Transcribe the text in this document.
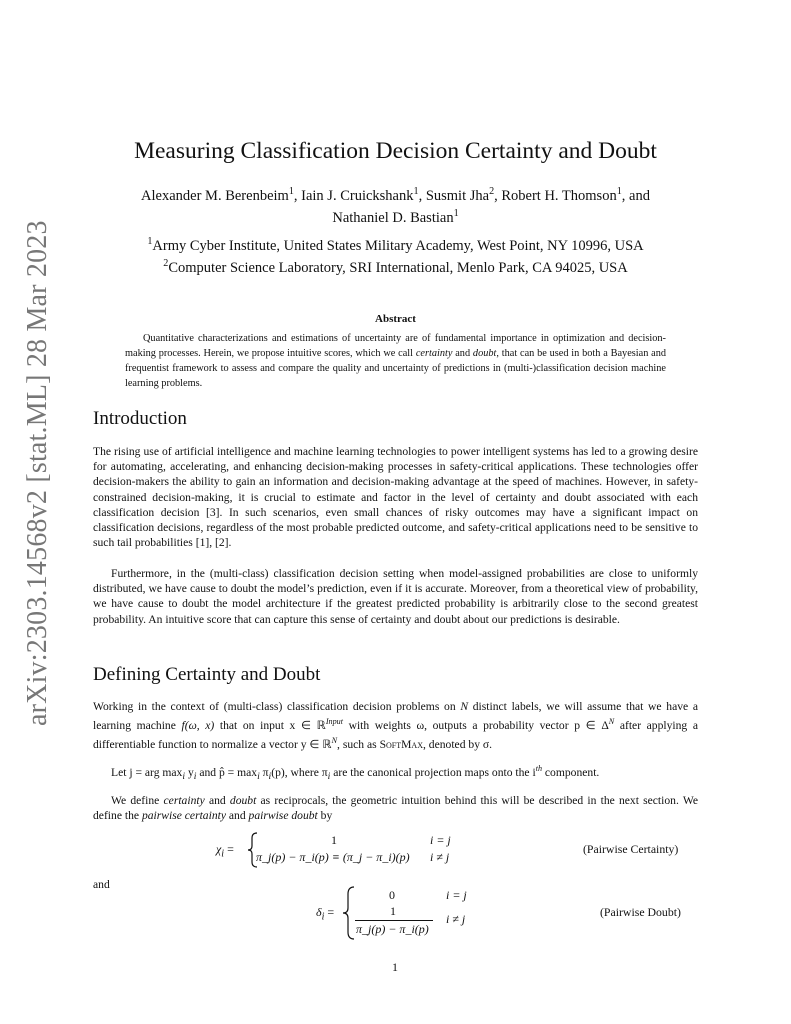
arXiv:2303.14568v2 [stat.ML] 28 Mar 2023
Measuring Classification Decision Certainty and Doubt
Alexander M. Berenbeim$^1$, Iain J. Cruickshank$^1$, Susmit Jha$^2$, Robert H. Thomson$^1$, and
Nathaniel D. Bastian$^1$
$^1$Army Cyber Institute, United States Military Academy, West Point, NY 10996, USA
$^2$Computer Science Laboratory, SRI International, Menlo Park, CA 94025, USA
Abstract
Quantitative characterizations and estimations of uncertainty are of fundamental importance in optimization and decision-making processes. Herein, we propose intuitive scores, which we call certainty and doubt, that can be used in both a Bayesian and frequentist framework to assess and compare the quality and uncertainty of predictions in (multi-)classification decision machine learning problems.
Introduction
The rising use of artificial intelligence and machine learning technologies to power intelligent systems has led to a growing desire for automating, accelerating, and enhancing decision-making processes in safety-critical applications. These technologies offer decision-makers the ability to gain an information and decision-making advantage at the speed of machines. However, in safety-constrained decision-making, it is crucial to estimate and factor in the level of certainty and doubt associated with each classification decision [3]. In such scenarios, even small chances of risky outcomes may have a significant impact on classification decisions, regardless of the most probable predicted outcome, and safety-critical applications need to be sensitive to such tail probabilities [1], [2].
Furthermore, in the (multi-class) classification decision setting when model-assigned probabilities are close to uniformly distributed, we have cause to doubt the model’s prediction, even if it is accurate. Moreover, from a theoretical view of probability, we have cause to doubt the model architecture if the greatest predicted probability is arbitrarily close to the second greatest probability. An intuitive score that can capture this sense of certainty and doubt about our predictions is desirable.
Defining Certainty and Doubt
Working in the context of (multi-class) classification decision problems on N distinct labels, we will assume that we have a learning machine f(ω, x) that on input x ∈ ℝ$^{Input}$ with weights ω, outputs a probability vector p ∈ $\Delta^N$ after applying a differentiable function to normalize a vector y ∈ ℝ$^N$, such as SoftMax, denoted by σ.
Let j = arg $\max_i y_i$ and p̂ = $\max_i \pi_i(p)$, where $\pi_i$ are the canonical projection maps onto the $i^{th}$ component.
We define certainty and doubt as reciprocals, the geometric intuition behind this will be described in the next section. We define the pairwise certainty and pairwise doubt by
$\chi_i$ =
1	i = j
π_j(p) − π_i(p) ≡ (π_j − π_i)(p) i ≠ j
(Pairwise Certainty)
and
$\delta_i$ =
0	i = j
1
π_j(p) − π_i(p)
i ≠ j	(Pairwise Doubt)
1
